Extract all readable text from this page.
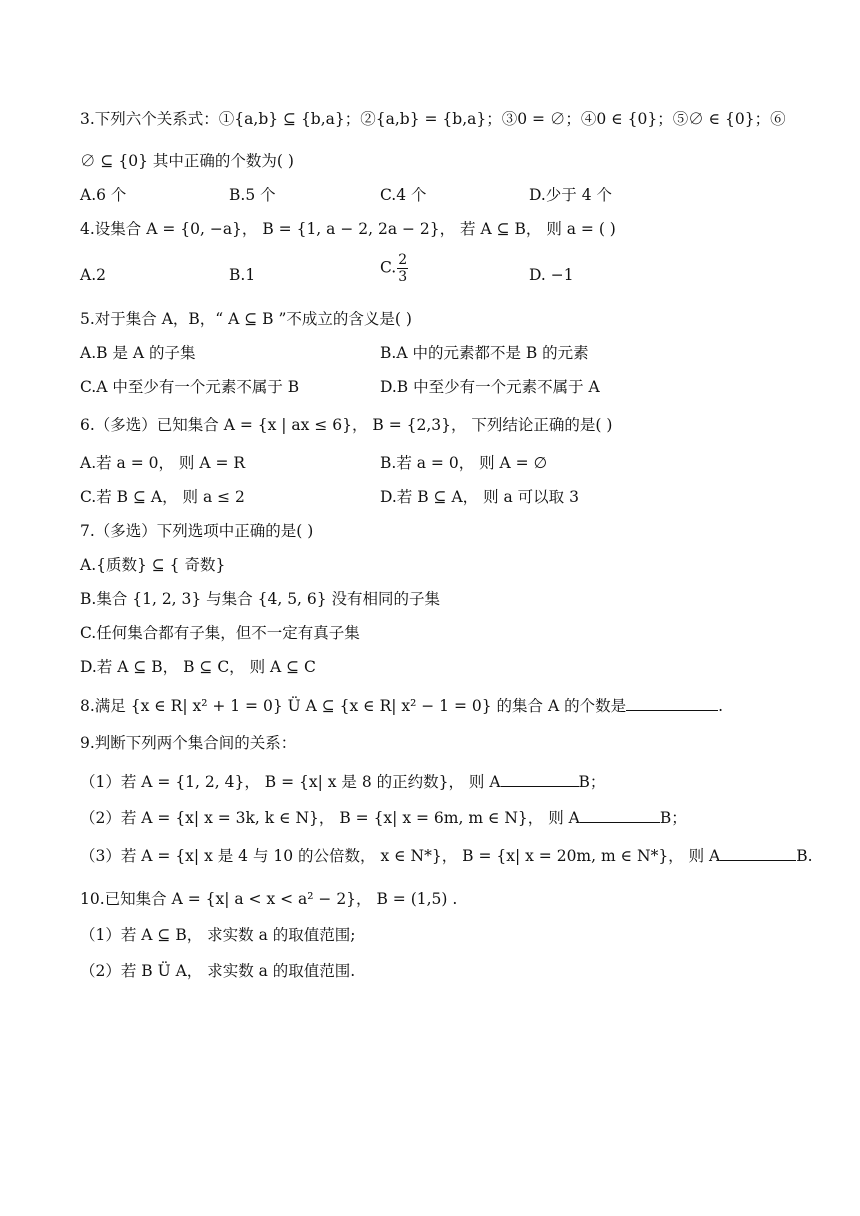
3.下列六个关系式：①{a,b} ⊆ {b,a}；②{a,b} = {b,a}；③0 = ∅；④0 ∈ {0}；⑤∅ ∈ {0}；⑥
∅ ⊆ {0} 其中正确的个数为( )
A.6 个	B.5 个	C.4 个	D.少于 4 个
4.设集合 A = {0, −a}， B = {1, a − 2, 2a − 2}， 若 A ⊆ B， 则 a = ( )
A.2	B.1	C. $\frac{2}{3}$	D. −1
5.对于集合 A，B，“ A ⊆ B ”不成立的含义是( )
A.B 是 A 的子集	B.A 中的元素都不是 B 的元素
C.A 中至少有一个元素不属于 B	D.B 中至少有一个元素不属于 A
6.（多选）已知集合 A = {x | ax ≤ 6}， B = {2,3}， 下列结论正确的是( )
A.若 a = 0， 则 A = R	B.若 a = 0， 则 A = ∅
C.若 B ⊆ A， 则 a ≤ 2	D.若 B ⊆ A， 则 a 可以取 3
7.（多选）下列选项中正确的是( )
A.{质数} ⊆ { 奇数}
B.集合 {1, 2, 3} 与集合 {4, 5, 6} 没有相同的子集
C.任何集合都有子集，但不一定有真子集
D.若 A ⊆ B， B ⊆ C， 则 A ⊆ C
8.满足 {x ∈ R| x² + 1 = 0} Ü A ⊆ {x ∈ R| x² − 1 = 0} 的集合 A 的个数是	.
9.判断下列两个集合间的关系：
（1）若 A = {1, 2, 4}， B = {x| x 是 8 的正约数}， 则 A	B；
（2）若 A = {x| x = 3k, k ∈ N}， B = {x| x = 6m, m ∈ N}， 则 A	B；
（3）若 A = {x| x 是 4 与 10 的公倍数， x ∈ N*}， B = {x| x = 20m, m ∈ N*}， 则 A	B.
10.已知集合 A = {x| a < x < a² − 2}， B = (1,5) .
（1）若 A ⊆ B， 求实数 a 的取值范围;
（2）若 B Ü A， 求实数 a 的取值范围.
